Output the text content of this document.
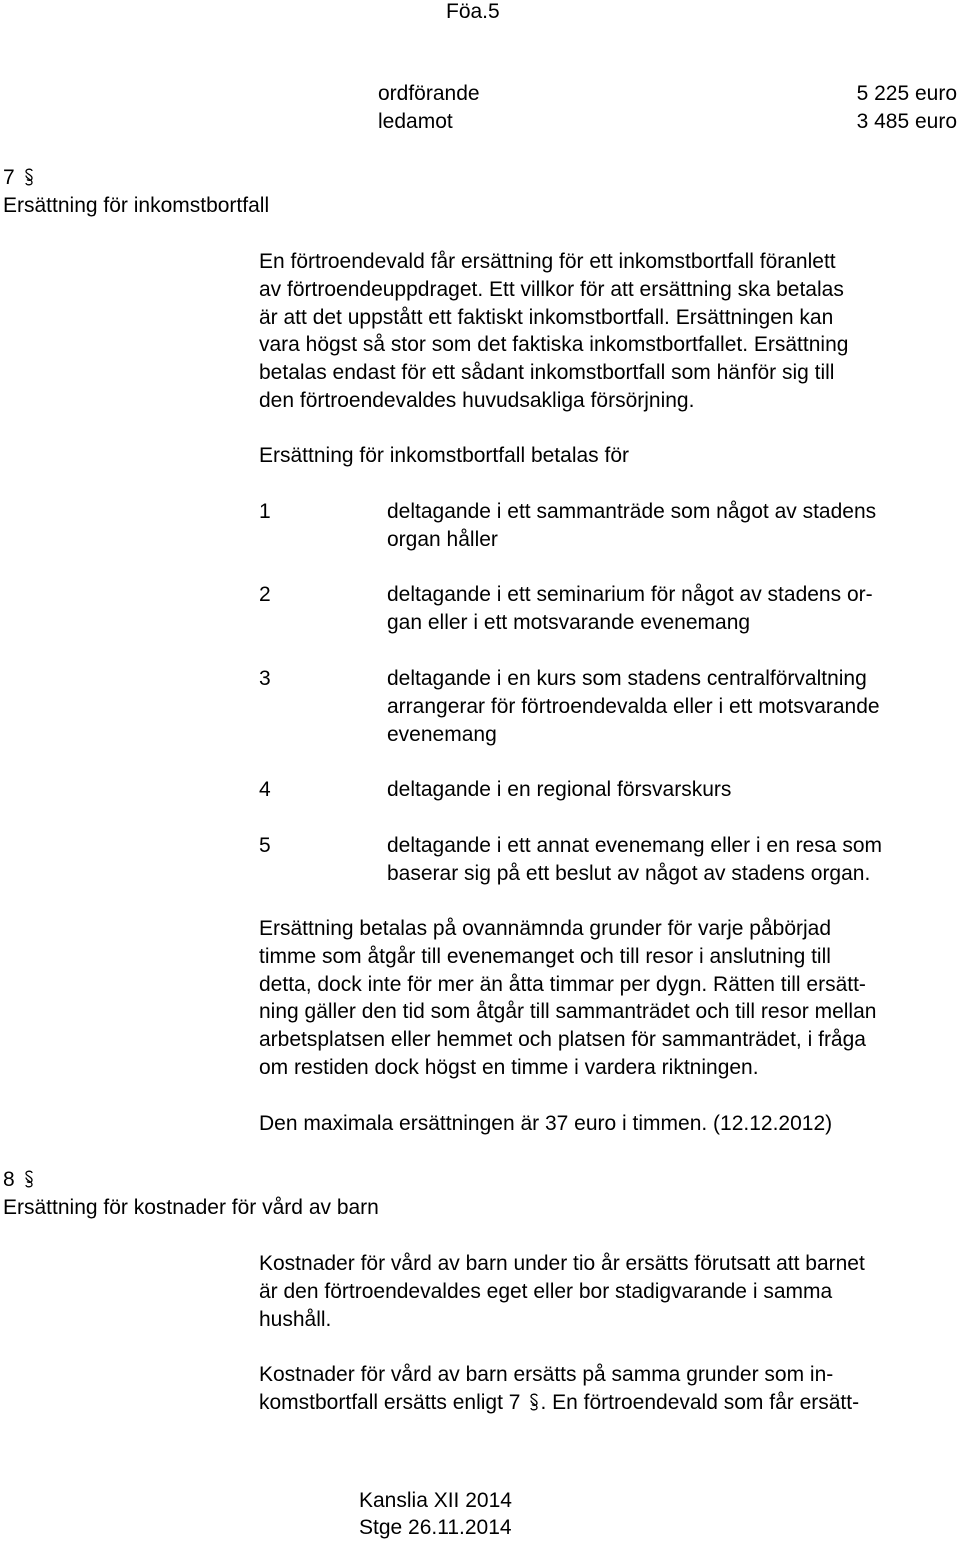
Föa.5
ordförande	5 225 euro
ledamot	3 485 euro
7
Ersättning för inkomstbortfall
En förtroendevald får ersättning för ett inkomstbortfall föranlett
av förtroendeuppdraget. Ett villkor för att ersättning ska betalas
är att det uppstått ett faktiskt inkomstbortfall. Ersättningen kan
vara högst så stor som det faktiska inkomstbortfallet. Ersättning
betalas endast för ett sådant inkomstbortfall som hänför sig till
den förtroendevaldes huvudsakliga försörjning.
Ersättning för inkomstbortfall betalas för
1	deltagande i ett sammanträde som något av stadens
organ håller
2	deltagande i ett seminarium för något av stadens or-
gan eller i ett motsvarande evenemang
3	deltagande i en kurs som stadens centralförvaltning
arrangerar för förtroendevalda eller i ett motsvarande
evenemang
4	deltagande i en regional försvarskurs
5	deltagande i ett annat evenemang eller i en resa som
baserar sig på ett beslut av något av stadens organ.
Ersättning betalas på ovannämnda grunder för varje påbörjad
timme som åtgår till evenemanget och till resor i anslutning till
detta, dock inte för mer än åtta timmar per dygn. Rätten till ersätt-
ning gäller den tid som åtgår till sammanträdet och till resor mellan
arbetsplatsen eller hemmet och platsen för sammanträdet, i fråga
om restiden dock högst en timme i vardera riktningen.
Den maximala ersättningen är 37 euro i timmen. (12.12.2012)
8
Ersättning för kostnader för vård av barn
Kostnader för vård av barn under tio år ersätts förutsatt att barnet
är den förtroendevaldes eget eller bor stadigvarande i samma
hushåll.
Kostnader för vård av barn ersätts på samma grunder som in-
komstbortfall ersätts enligt 7 . En förtroendevald som får ersätt-
Kanslia XII 2014
Stge 26.11.2014
